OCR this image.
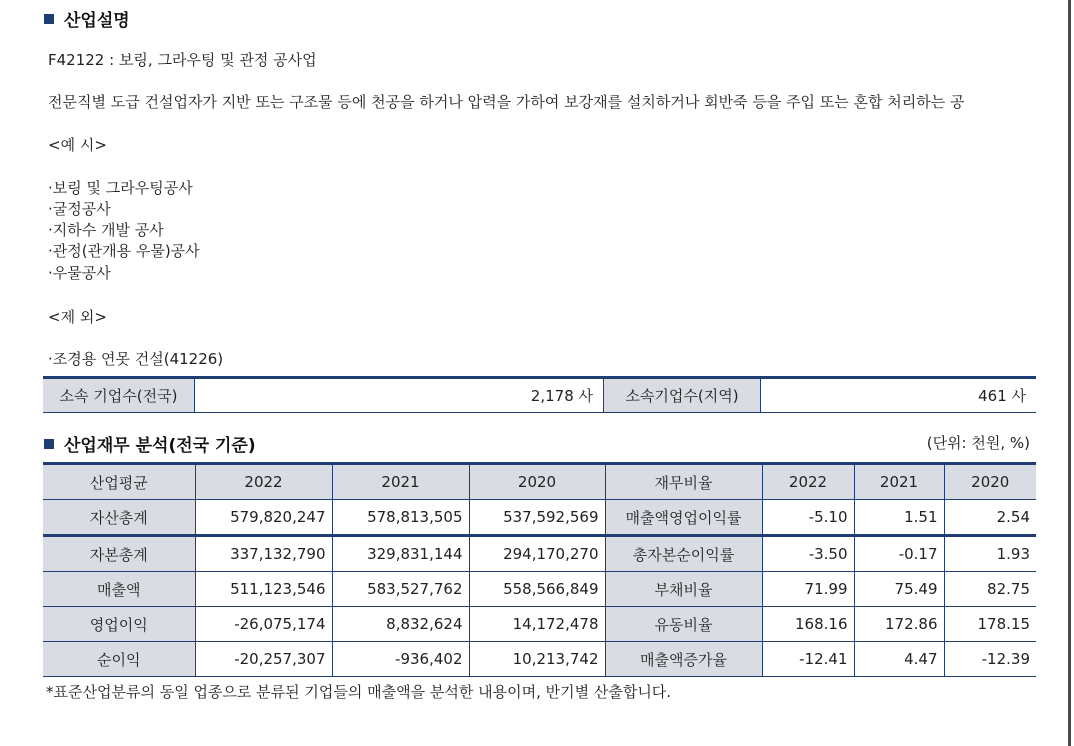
산업설명
F42122 : 보링, 그라우팅 및 관정 공사업
전문직별 도급 건설업자가 지반 또는 구조물 등에 천공을 하거나 압력을 가하여 보강재를 설치하거나 회반죽 등을 주입 또는 혼합 처리하는 공
<예 시>
·보링 및 그라우팅공사
·굴정공사
·지하수 개발 공사
·관정(관개용 우물)공사
·우물공사
<제 외>
·조경용 연못 건설(41226)
소속 기업수(전국)	2,178 사	소속기업수(지역)	461 사
산업재무 분석(전국 기준)	(단위: 천원, %)
산업평균	2022	2021	2020	재무비율	2022	2021	2020
자산총계	579,820,247	578,813,505	537,592,569	매출액영업이익률	-5.10	1.51	2.54
자본총계	337,132,790	329,831,144	294,170,270	총자본순이익률	-3.50	-0.17	1.93
매출액	511,123,546	583,527,762	558,566,849	부채비율	71.99	75.49	82.75
영업이익	-26,075,174	8,832,624	14,172,478	유동비율	168.16	172.86	178.15
순이익	-20,257,307	-936,402	10,213,742	매출액증가율	-12.41	4.47	-12.39
*표준산업분류의 동일 업종으로 분류된 기업들의 매출액을 분석한 내용이며, 반기별 산출합니다.
